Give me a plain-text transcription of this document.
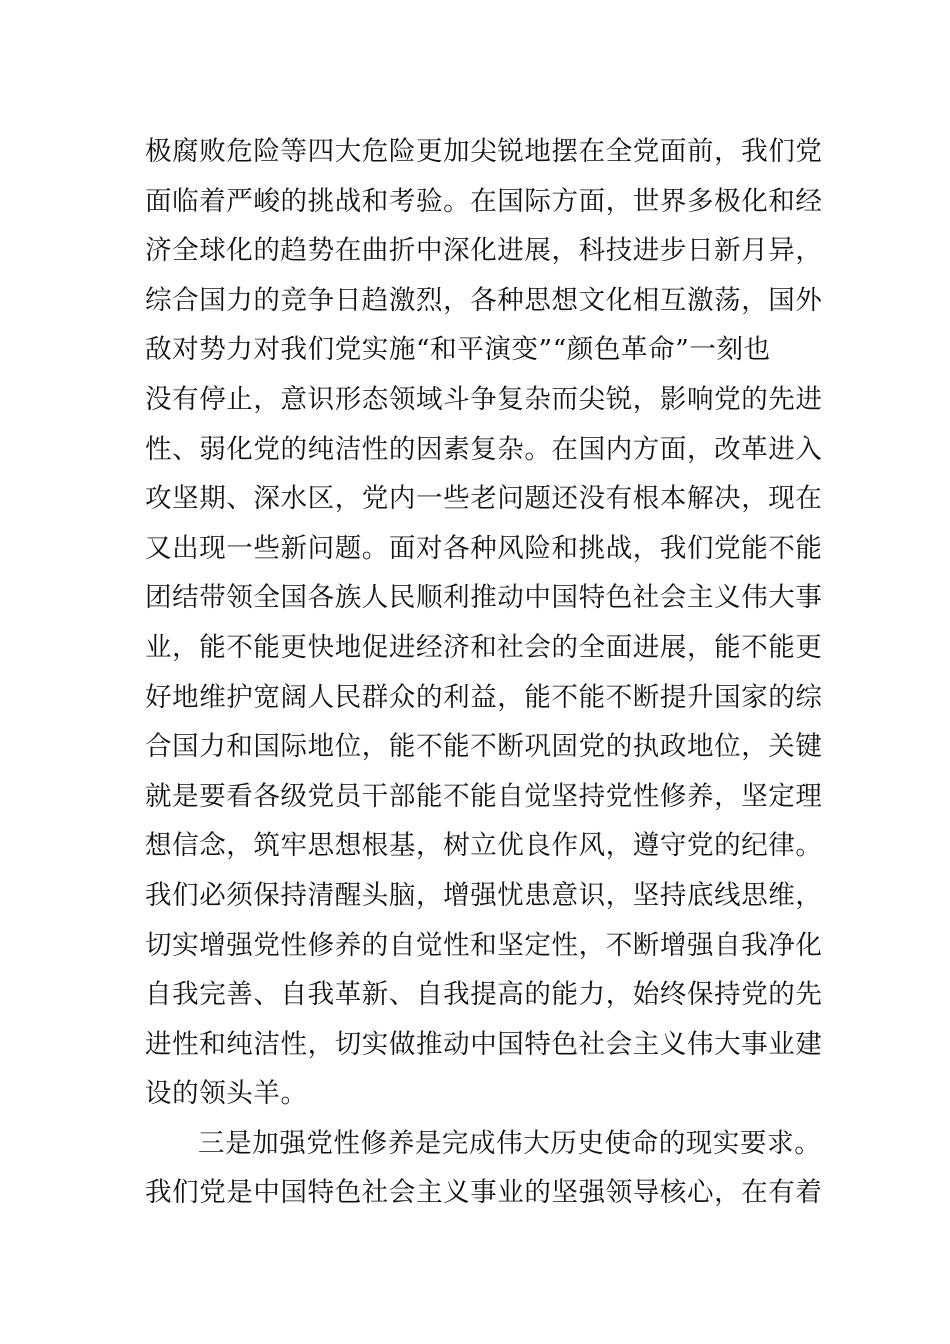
极腐败危险等四大危险更加尖锐地摆在全党面前，我们党
面临着严峻的挑战和考验。在国际方面，世界多极化和经
济全球化的趋势在曲折中深化进展，科技进步日新月异，
综合国力的竞争日趋激烈，各种思想文化相互激荡，国外
敌对势力对我们党实施“和平演变”“颜色革命”一刻也
没有停止，意识形态领域斗争复杂而尖锐，影响党的先进
性、弱化党的纯洁性的因素复杂。在国内方面，改革进入
攻坚期、深水区，党内一些老问题还没有根本解决，现在
又出现一些新问题。面对各种风险和挑战，我们党能不能
团结带领全国各族人民顺利推动中国特色社会主义伟大事
业，能不能更快地促进经济和社会的全面进展，能不能更
好地维护宽阔人民群众的利益，能不能不断提升国家的综
合国力和国际地位，能不能不断巩固党的执政地位，关键
就是要看各级党员干部能不能自觉坚持党性修养，坚定理
想信念，筑牢思想根基，树立优良作风，遵守党的纪律。
我们必须保持清醒头脑，增强忧患意识，坚持底线思维，
切实增强党性修养的自觉性和坚定性，不断增强自我净化
自我完善、自我革新、自我提高的能力，始终保持党的先
进性和纯洁性，切实做推动中国特色社会主义伟大事业建
设的领头羊。
三是加强党性修养是完成伟大历史使命的现实要求。
我们党是中国特色社会主义事业的坚强领导核心，在有着
